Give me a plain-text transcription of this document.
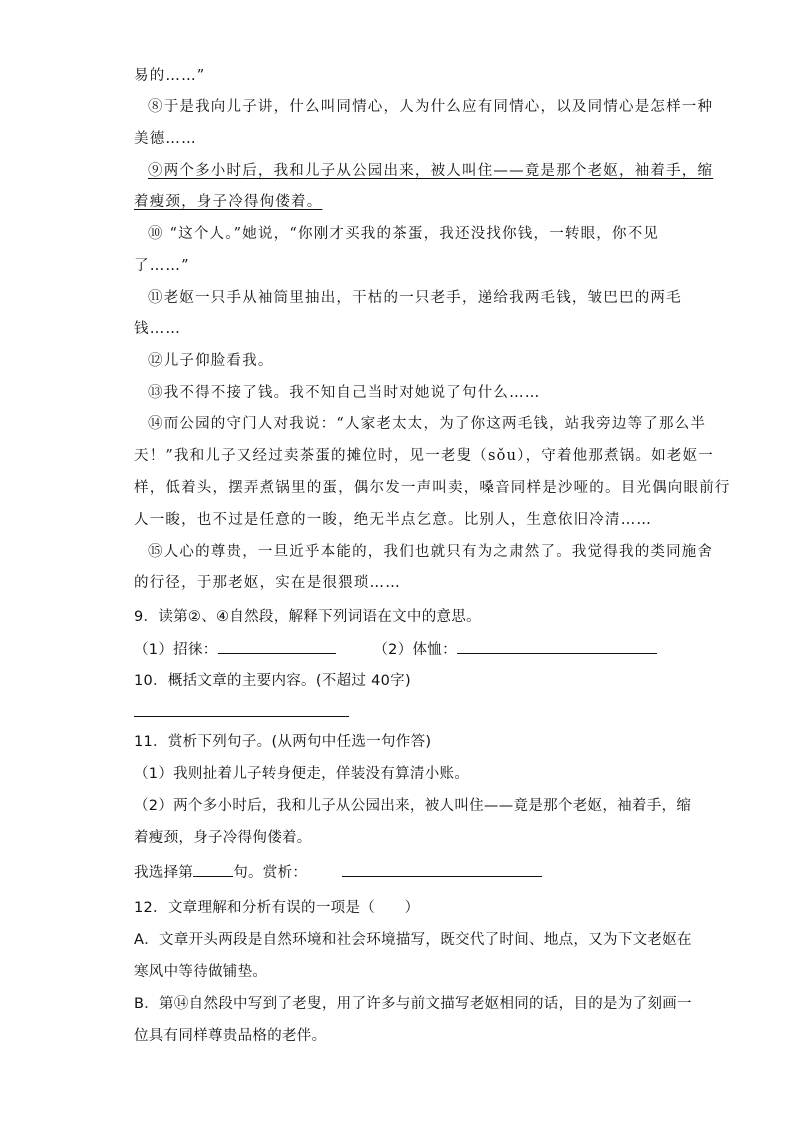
易的……”
⑧于是我向儿子讲，什么叫同情心，人为什么应有同情心，以及同情心是怎样一种
美德……
⑨两个多小时后，我和儿子从公园出来，被人叫住——竟是那个老妪，袖着手，缩
着瘦颈，身子冷得佝偻着。
⑩ “这个人。”她说，“你刚才买我的茶蛋，我还没找你钱，一转眼，你不见
了……”
⑪老妪一只手从袖筒里抽出，干枯的一只老手，递给我两毛钱，皱巴巴的两毛
钱……
⑫儿子仰脸看我。
⑬我不得不接了钱。我不知自己当时对她说了句什么……
⑭而公园的守门人对我说：“人家老太太，为了你这两毛钱，站我旁边等了那么半
天！”我和儿子又经过卖茶蛋的摊位时，见一老叟（sǒu），守着他那煮锅。如老妪一
样，低着头，摆弄煮锅里的蛋，偶尔发一声叫卖，嗓音同样是沙哑的。目光偶向眼前行
人一睃，也不过是任意的一睃，绝无半点乞意。比别人，生意依旧冷清……
⑮人心的尊贵，一旦近乎本能的，我们也就只有为之肃然了。我觉得我的类同施舍
的行径，于那老妪，实在是很猥琐……
9．读第②、④自然段，解释下列词语在文中的意思。
（1）招徕：	（2）体恤：
10．概括文章的主要内容。(不超过 40字)
11．赏析下列句子。(从两句中任选一句作答)
（1）我则扯着儿子转身便走，佯装没有算清小账。
（2）两个多小时后，我和儿子从公园出来，被人叫住——竟是那个老妪，袖着手，缩
着瘦颈，身子冷得佝偻着。
我选择第	句。赏析：
12．文章理解和分析有误的一项是（　　）
A．文章开头两段是自然环境和社会环境描写，既交代了时间、地点，又为下文老妪在
寒风中等待做铺垫。
B．第⑭自然段中写到了老叟，用了许多与前文描写老妪相同的话，目的是为了刻画一
位具有同样尊贵品格的老伴。
